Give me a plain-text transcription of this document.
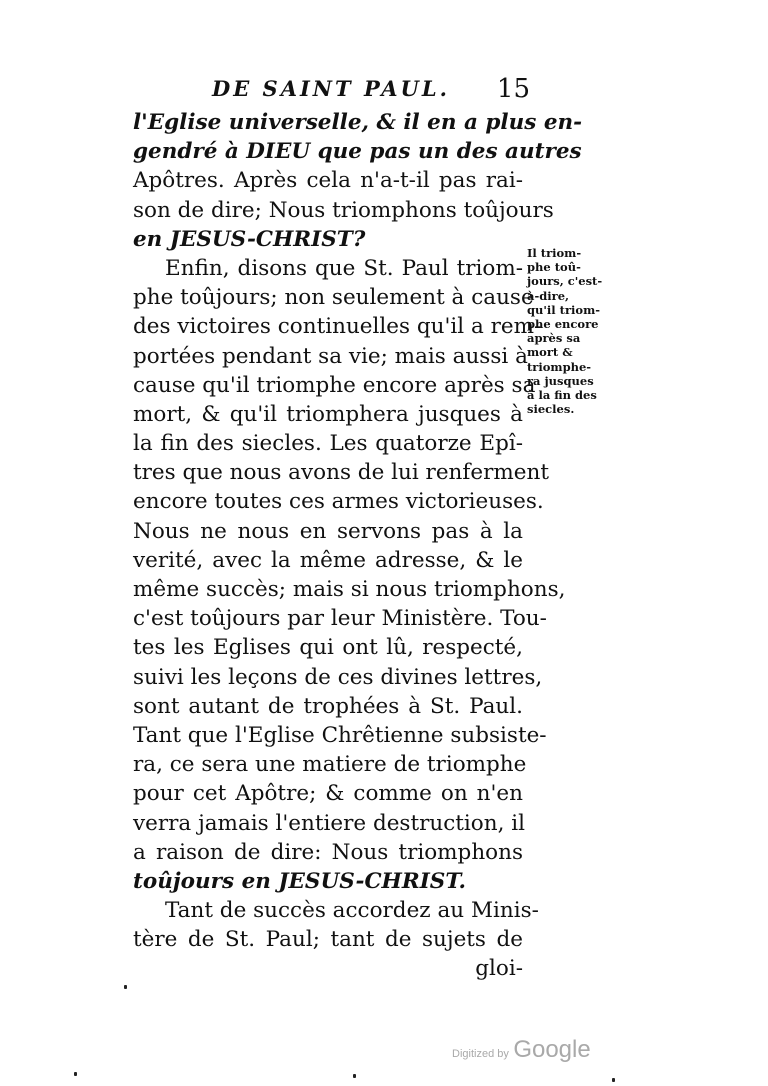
DE SAINT PAUL. 15
l'Eglise universelle, & il en a plus en-
gendré à DIEU que pas un des autres
Apôtres. Après cela n'a-t-il pas rai-
son de dire; Nous triomphons toûjours
en JESUS-CHRIST?
Enfin, disons que St. Paul triom-
phe toûjours; non seulement à cause
des victoires continuelles qu'il a rem-
portées pendant sa vie; mais aussi à
cause qu'il triomphe encore après sa
mort, & qu'il triomphera jusques à
la fin des siecles. Les quatorze Epî-
tres que nous avons de lui renferment
encore toutes ces armes victorieuses.
Nous ne nous en servons pas à la
verité, avec la même adresse, & le
même succès; mais si nous triomphons,
c'est toûjours par leur Ministère. Tou-
tes les Eglises qui ont lû, respecté,
suivi les leçons de ces divines lettres,
sont autant de trophées à St. Paul.
Tant que l'Eglise Chrêtienne subsiste-
ra, ce sera une matiere de triomphe
pour cet Apôtre; & comme on n'en
verra jamais l'entiere destruction, il
a raison de dire: Nous triomphons
toûjours en JESUS-CHRIST.
Tant de succès accordez au Minis-
tère de St. Paul; tant de sujets de
gloi-
Il triom-
phe toû-
jours, c'est-
à-dire,
qu'il triom-
phe encore
après sa
mort &
triomphe-
ra jusques
à la fin des
siecles.
Digitized by Google
